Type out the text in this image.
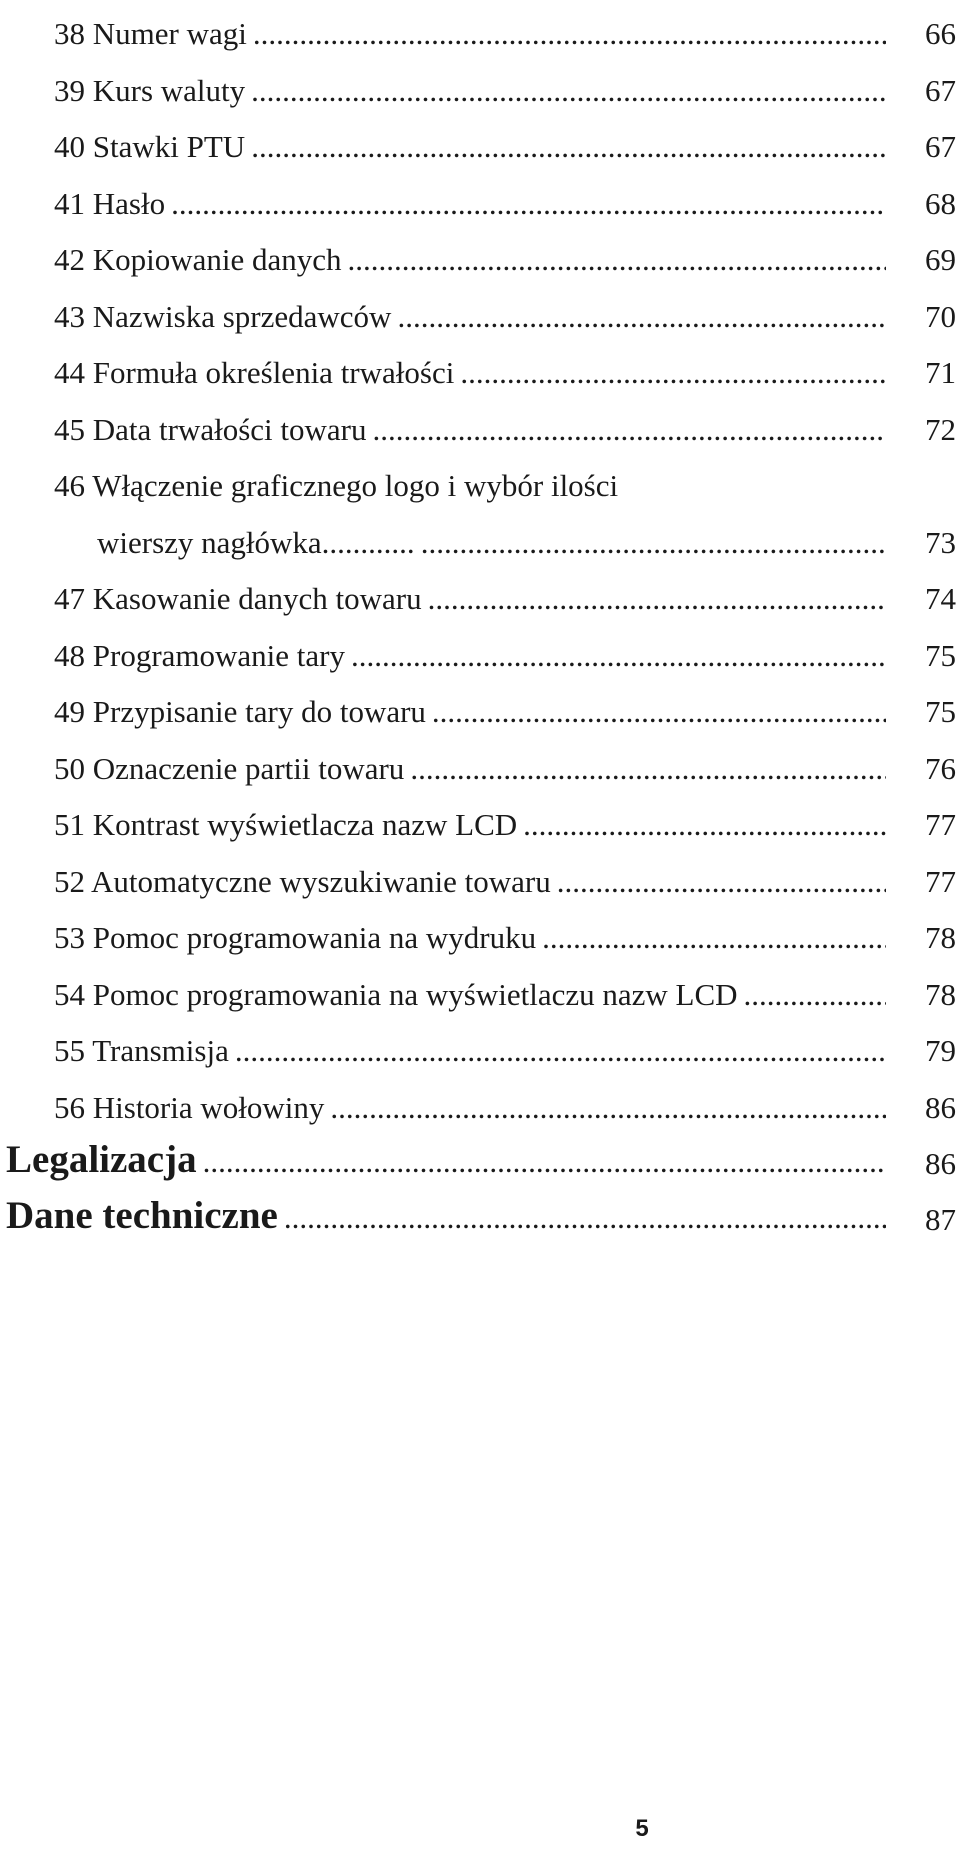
38 Numer wagi .....	66
39 Kurs waluty .....	67
40 Stawki PTU .....	67
41 Hasło .....	68
42 Kopiowanie danych .....	69
43 Nazwiska sprzedawców .....	70
44 Formuła określenia trwałości .....	71
45 Data trwałości towaru .....	72
46 Włączenie graficznego logo i wybór ilości
wierszy nagłówka............ .....	73
47 Kasowanie danych towaru .....	74
48 Programowanie tary .....	75
49 Przypisanie tary do towaru .....	75
50 Oznaczenie partii towaru .....	76
51 Kontrast wyświetlacza nazw LCD .....	77
52 Automatyczne wyszukiwanie towaru .....	77
53 Pomoc programowania na wydruku .....	78
54 Pomoc programowania na wyświetlaczu nazw LCD .....	78
55 Transmisja .....	79
56 Historia wołowiny .....	86
Legalizacja .....	86
Dane techniczne .....	87
5
